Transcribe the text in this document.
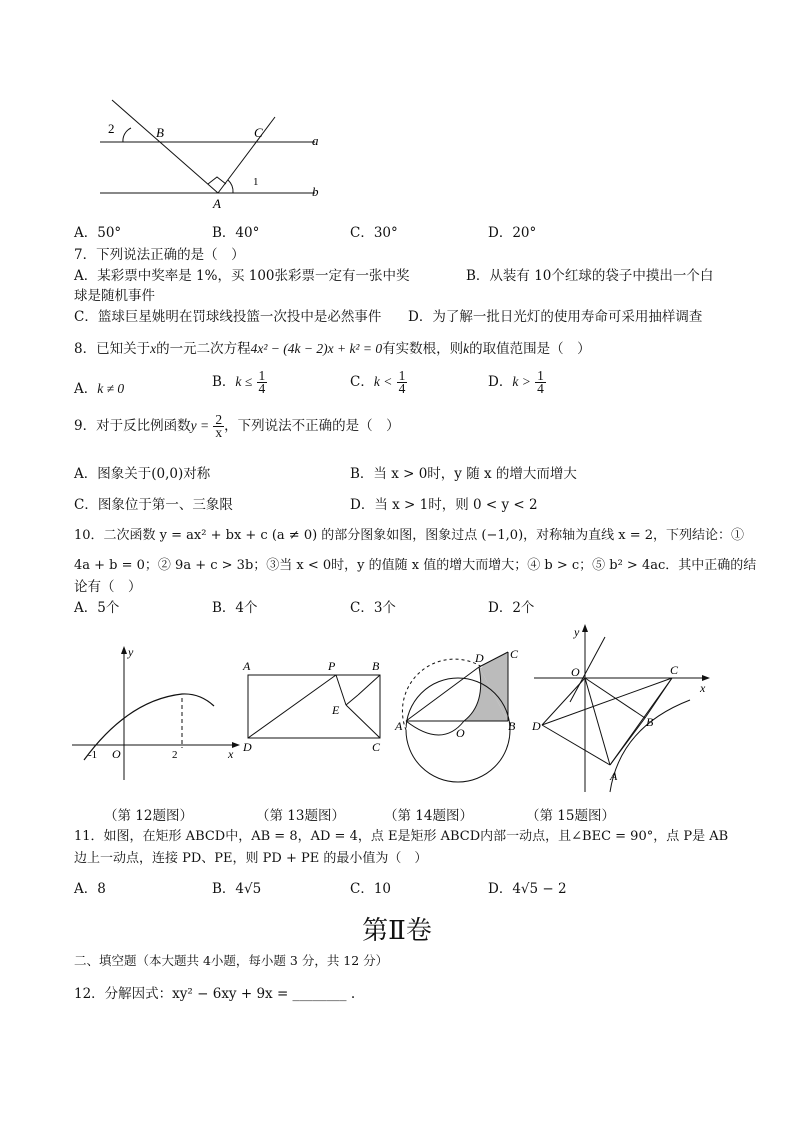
2	B	C
a
1
b
A
A．50°	B．40°	C．30°	D．20°
7．下列说法正确的是（　）
A．某彩票中奖率是 1%，买 100张彩票一定有一张中奖	B．从装有 10个红球的袋子中摸出一个白
球是随机事件
C．篮球巨星姚明在罚球线投篮一次投中是必然事件 D．为了解一批日光灯的使用寿命可采用抽样调查
8．已知关于x的一元二次方程4x² − (4k − 2)x + k² = 0有实数根，则k的取值范围是（　）
A．k ≠ 0	B．$k \le \frac{1}{4}$	C．$k < \frac{1}{4}$	D．$k > \frac{1}{4}$
9．对于反比例函数$y = \frac{2}{x}$ ，下列说法不正确的是（　）
A．图象关于(0,0)对称	B．当 x > 0时，y 随 x 的增大而增大
C．图象位于第一、三象限	D．当 x > 1时，则 0 < y < 2
10．二次函数 y = ax² + bx + c (a ≠ 0) 的部分图象如图，图象过点 (−1,0)，对称轴为直线 x = 2，下列结论：①
4a + b = 0；② 9a + c > 3b；③当 x < 0时，y 的值随 x 值的增大而增大；④ b > c；⑤ b² > 4ac．其中正确的结
论有（　）
A．5个	B．4个	C．3个	D．2个
y
x
-1 O	2
A	P	B
E
D	C
D C
A	O	B
y
O	C
x
D	B
A
（第 12题图）	（第 13题图）	（第 14题图）	（第 15题图）
11．如图，在矩形 ABCD中，AB = 8，AD = 4，点 E是矩形 ABCD内部一动点，且∠BEC = 90°，点 P是 AB
边上一动点，连接 PD、PE，则 PD + PE 的最小值为（　）
A．8	B．4√5	C．10	D．4√5 − 2
第Ⅱ卷
二、填空题（本大题共 4小题，每小题 3 分，共 12 分）
12．分解因式：xy² − 6xy + 9x = ________ .
